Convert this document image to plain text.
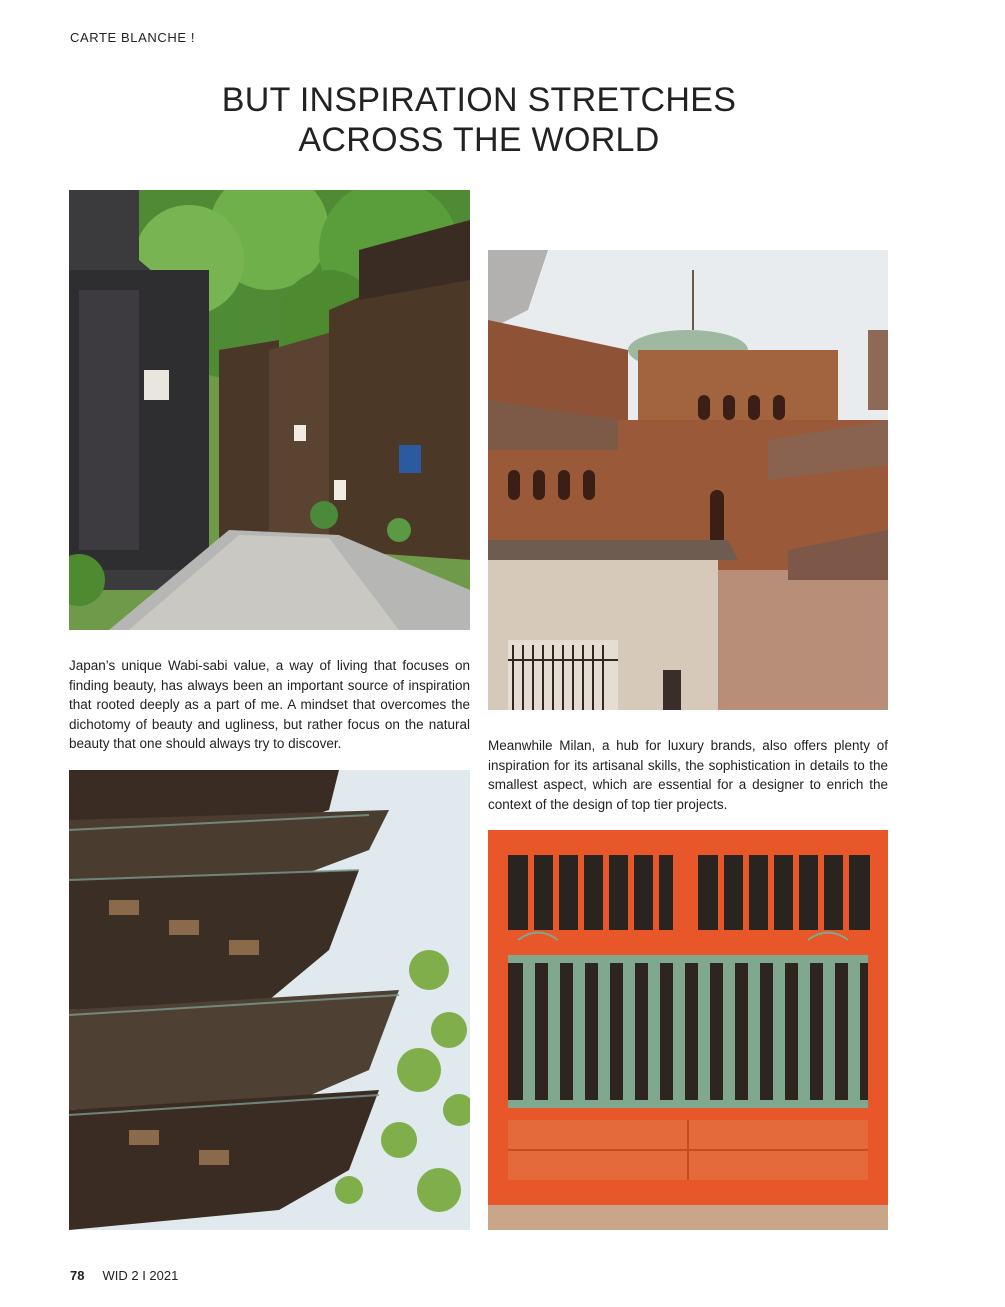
CARTE BLANCHE !
BUT INSPIRATION STRETCHES
ACROSS THE WORLD
Japan’s unique Wabi-sabi value, a way of living that focuses on finding beauty, has always been an important source of inspiration that rooted deeply as a part of me. A mindset that overcomes the dichotomy of beauty and ugliness, but rather focus on the natural beauty that one should always try to discover.	Meanwhile Milan, a hub for luxury brands, also offers plenty of inspiration for its artisanal skills, the sophistication in details to the smallest aspect, which are essential for a designer to enrich the context of the design of top tier projects.
78 WID 2 I 2021
